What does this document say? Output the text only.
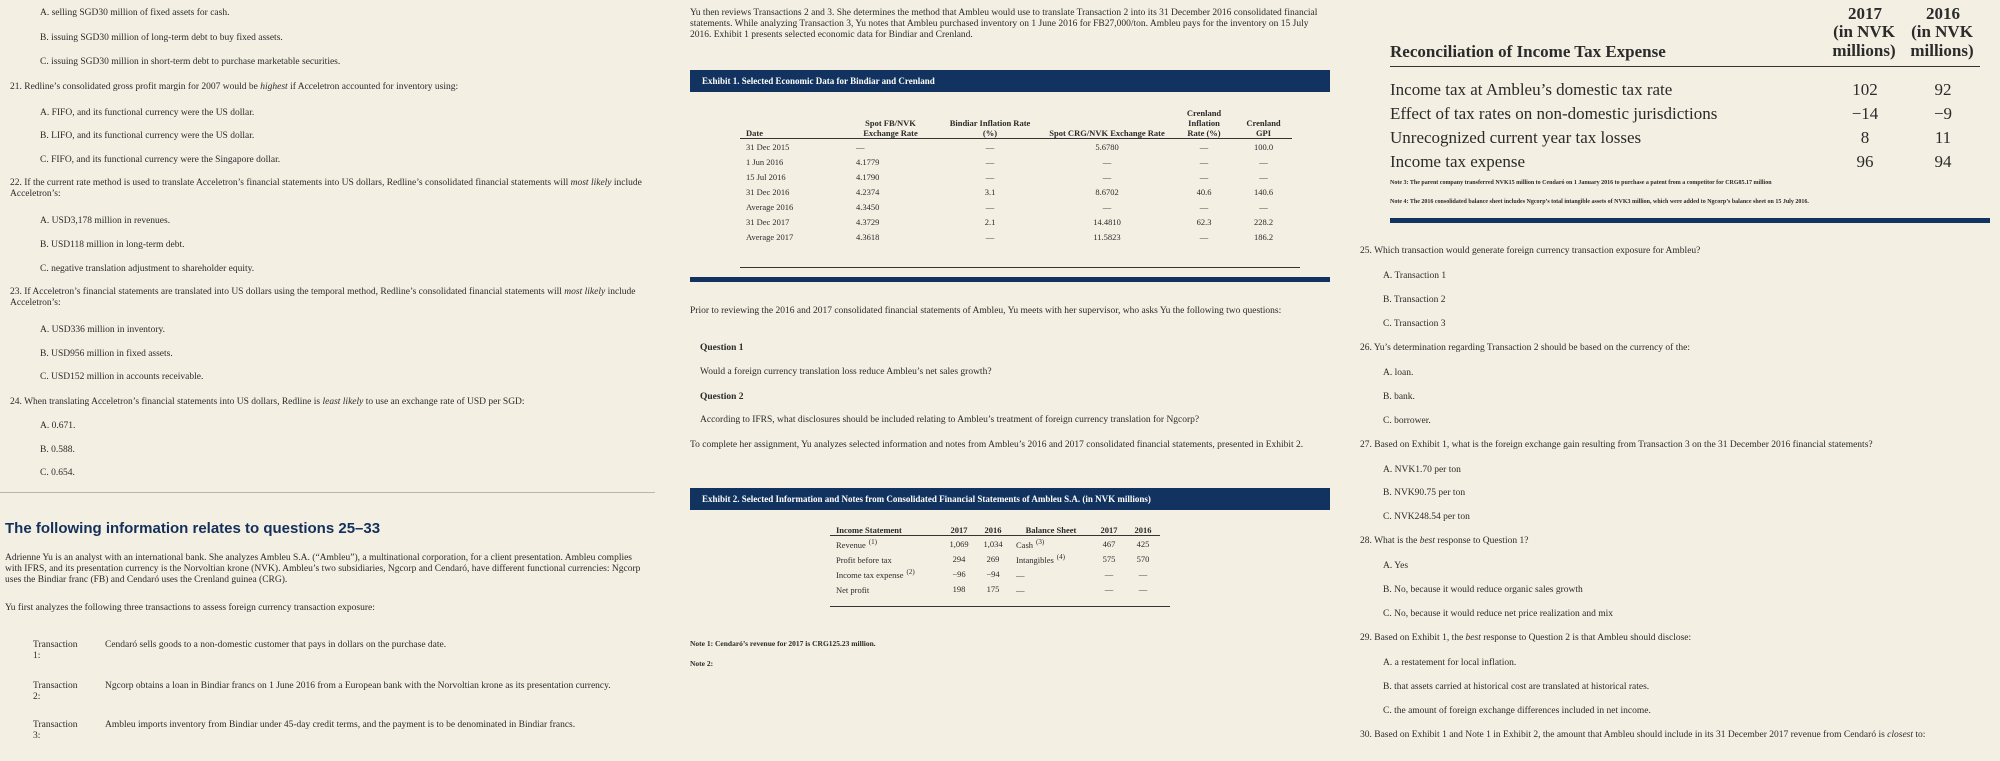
A. selling SGD30 million of fixed assets for cash.
B. issuing SGD30 million of long-term debt to buy fixed assets.
C. issuing SGD30 million in short-term debt to purchase marketable securities.
21. Redline’s consolidated gross profit margin for 2007 would be highest if Acceletron accounted for inventory using:
A. FIFO, and its functional currency were the US dollar.
B. LIFO, and its functional currency were the US dollar.
C. FIFO, and its functional currency were the Singapore dollar.
22. If the current rate method is used to translate Acceletron’s financial statements into US dollars, Redline’s consolidated financial statements will most likely include Acceletron’s:
A. USD3,178 million in revenues.
B. USD118 million in long-term debt.
C. negative translation adjustment to shareholder equity.
23. If Acceletron’s financial statements are translated into US dollars using the temporal method, Redline’s consolidated financial statements will most likely include Acceletron’s:
A. USD336 million in inventory.
B. USD956 million in fixed assets.
C. USD152 million in accounts receivable.
24. When translating Acceletron’s financial statements into US dollars, Redline is least likely to use an exchange rate of USD per SGD:
A. 0.671.
B. 0.588.
C. 0.654.
The following information relates to questions 25–33
Adrienne Yu is an analyst with an international bank. She analyzes Ambleu S.A. (“Ambleu”), a multinational corporation, for a client presentation. Ambleu complies with IFRS, and its presentation currency is the Norvoltian krone (NVK). Ambleu’s two subsidiaries, Ngcorp and Cendaró, have different functional currencies: Ngcorp uses the Bindiar franc (FB) and Cendaró uses the Crenland guinea (CRG).
Yu first analyzes the following three transactions to assess foreign currency transaction exposure:
Transaction 1:
Cendaró sells goods to a non-domestic customer that pays in dollars on the purchase date.
Transaction 2:
Ngcorp obtains a loan in Bindiar francs on 1 June 2016 from a European bank with the Norvoltian krone as its presentation currency.
Transaction 3:
Ambleu imports inventory from Bindiar under 45-day credit terms, and the payment is to be denominated in Bindiar francs.
Yu then reviews Transactions 2 and 3. She determines the method that Ambleu would use to translate Transaction 2 into its 31 December 2016 consolidated financial statements. While analyzing Transaction 3, Yu notes that Ambleu purchased inventory on 1 June 2016 for FB27,000/ton. Ambleu pays for the inventory on 15 July 2016. Exhibit 1 presents selected economic data for Bindiar and Crenland.
Exhibit 1. Selected Economic Data for Bindiar and Crenland
Date	Spot FB/NVK Exchange Rate	Bindiar Inflation Rate (%)	Spot CRG/NVK Exchange Rate	Crenland Inflation Rate (%)	Crenland GPI
31 Dec 2015	—	—	5.6780	—	100.0
1 Jun 2016	4.1779	—	—	—	—
15 Jul 2016	4.1790	—	—	—	—
31 Dec 2016	4.2374	3.1	8.6702	40.6	140.6
Average 2016	4.3450	—	—	—	—
31 Dec 2017	4.3729	2.1	14.4810	62.3	228.2
Average 2017	4.3618	—	11.5823	—	186.2
Prior to reviewing the 2016 and 2017 consolidated financial statements of Ambleu, Yu meets with her supervisor, who asks Yu the following two questions:
Question 1
Would a foreign currency translation loss reduce Ambleu’s net sales growth?
Question 2
According to IFRS, what disclosures should be included relating to Ambleu’s treatment of foreign currency translation for Ngcorp?
To complete her assignment, Yu analyzes selected information and notes from Ambleu’s 2016 and 2017 consolidated financial statements, presented in Exhibit 2.
Exhibit 2. Selected Information and Notes from Consolidated Financial Statements of Ambleu S.A. (in NVK millions)
Income Statement	2017	2016	Balance Sheet	2017	2016
Revenue $^{(1)}$	1,069	1,034	Cash $^{(3)}$	467	425
Profit before tax	294	269	Intangibles $^{(4)}$	575	570
Income tax expense $^{(2)}$	−96	−94	—	—	—
Net profit	198	175	—	—	—
Note 1: Cendaró’s revenue for 2017 is CRG125.23 million.
Note 2:
2017	2016
(in NVK millions)
(in NVK millions)
Reconciliation of Income Tax Expense
Income tax at Ambleu’s domestic tax rate	102	92
Effect of tax rates on non-domestic jurisdictions	−14	−9
Unrecognized current year tax losses	8	11
Income tax expense	96	94
Note 3: The parent company transferred NVK15 million to Cendaró on 1 January 2016 to purchase a patent from a competitor for CRG85.17 million
Note 4: The 2016 consolidated balance sheet includes Ngcorp’s total intangible assets of NVK3 million, which were added to Ngcorp’s balance sheet on 15 July 2016.
25. Which transaction would generate foreign currency transaction exposure for Ambleu?
A. Transaction 1
B. Transaction 2
C. Transaction 3
26. Yu’s determination regarding Transaction 2 should be based on the currency of the:
A. loan.
B. bank.
C. borrower.
27. Based on Exhibit 1, what is the foreign exchange gain resulting from Transaction 3 on the 31 December 2016 financial statements?
A. NVK1.70 per ton
B. NVK90.75 per ton
C. NVK248.54 per ton
28. What is the best response to Question 1?
A. Yes
B. No, because it would reduce organic sales growth
C. No, because it would reduce net price realization and mix
29. Based on Exhibit 1, the best response to Question 2 is that Ambleu should disclose:
A. a restatement for local inflation.
B. that assets carried at historical cost are translated at historical rates.
C. the amount of foreign exchange differences included in net income.
30. Based on Exhibit 1 and Note 1 in Exhibit 2, the amount that Ambleu should include in its 31 December 2017 revenue from Cendaró is closest to:
